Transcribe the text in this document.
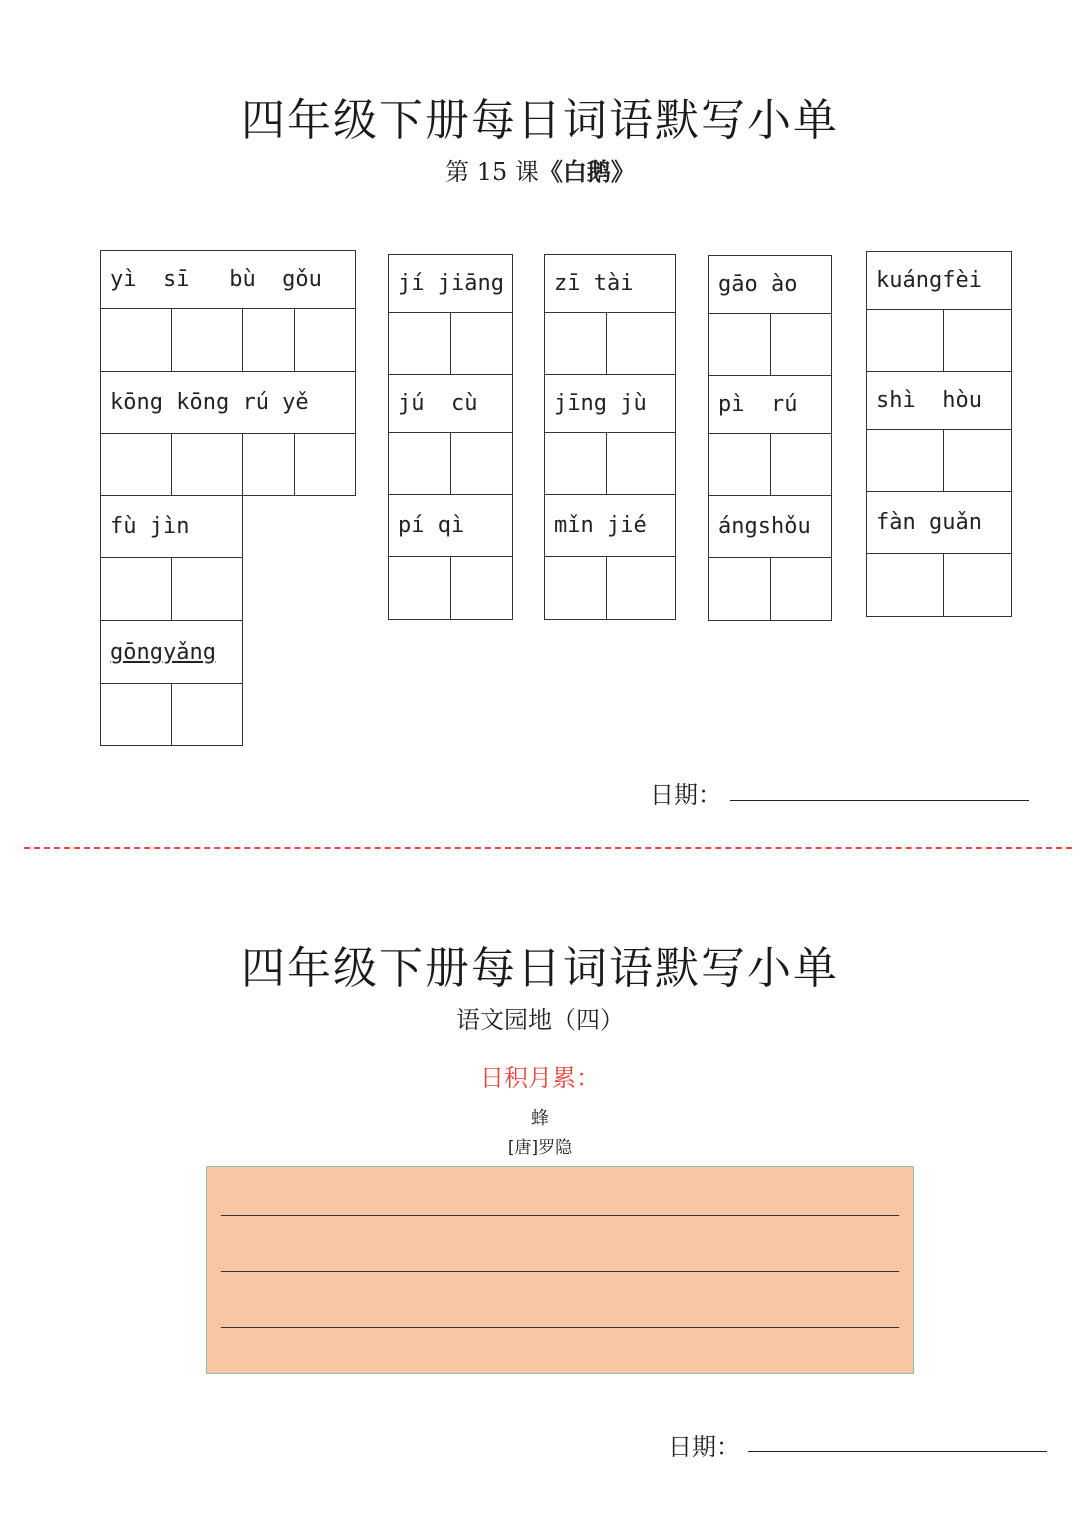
四年级下册每日词语默写小单
第 15 课《白鹅》
yì  sī   bù  gǒu
kōng kōng rú yě
fù jìn
gōngyǎng
jí jiāng
jú  cù
pí qì
zī tài
jīng jù
mǐn jié
gāo ào
pì  rú
ángshǒu
kuángfèi
shì  hòu
fàn guǎn
日期：
四年级下册每日词语默写小单
语文园地（四）
日积月累：
蜂
[唐]罗隐
日期：
